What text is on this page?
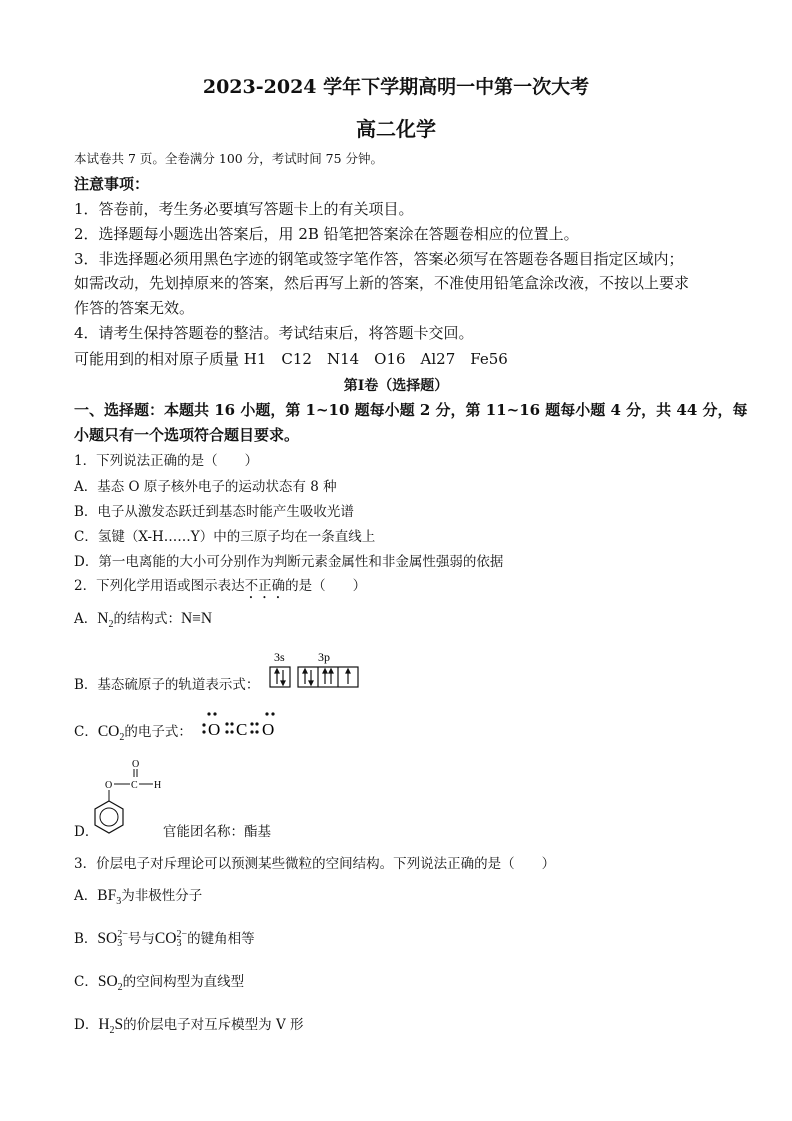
2023-2024 学年下学期高明一中第一次大考
高二化学
本试卷共 7 页。全卷满分 100 分，考试时间 75 分钟。
注意事项：
1．答卷前，考生务必要填写答题卡上的有关项目。
2．选择题每小题选出答案后，用 2B 铅笔把答案涂在答题卷相应的位置上。
3．非选择题必须用黑色字迹的钢笔或签字笔作答，答案必须写在答题卷各题目指定区域内；
如需改动，先划掉原来的答案，然后再写上新的答案，不准使用铅笔盒涂改液，不按以上要求
作答的答案无效。
4．请考生保持答题卷的整洁。考试结束后，将答题卡交回。
可能用到的相对原子质量 H1　C12　N14　O16　Al27　Fe56
第Ⅰ卷（选择题）
一、选择题：本题共 16 小题，第 1~10 题每小题 2 分，第 11~16 题每小题 4 分，共 44 分，每
小题只有一个选项符合题目要求。
1．下列说法正确的是（　　）
A．基态 O 原子核外电子的运动状态有 8 种
B．电子从激发态跃迁到基态时能产生吸收光谱
C．氢键（X-H……Y）中的三原子均在一条直线上
D．第一电离能的大小可分别作为判断元素金属性和非金属性强弱的依据
2．下列化学用语或图示表达不正确的是（　　）
A．$N_2$的结构式：N≡N
B．基态硫原子的轨道表示式：
3s	3p
C．$CO_2$的电子式： O C O
D．
O
O C H
官能团名称：酯基
3．价层电子对斥理论可以预测某些微粒的空间结构。下列说法正确的是（　　）
A．$BF_3$为非极性分子
B．SO 2−
3 号与CO 2−
3 的键角相等
C．$SO_2$的空间构型为直线型
D．$H_2S$的价层电子对互斥模型为 V 形
